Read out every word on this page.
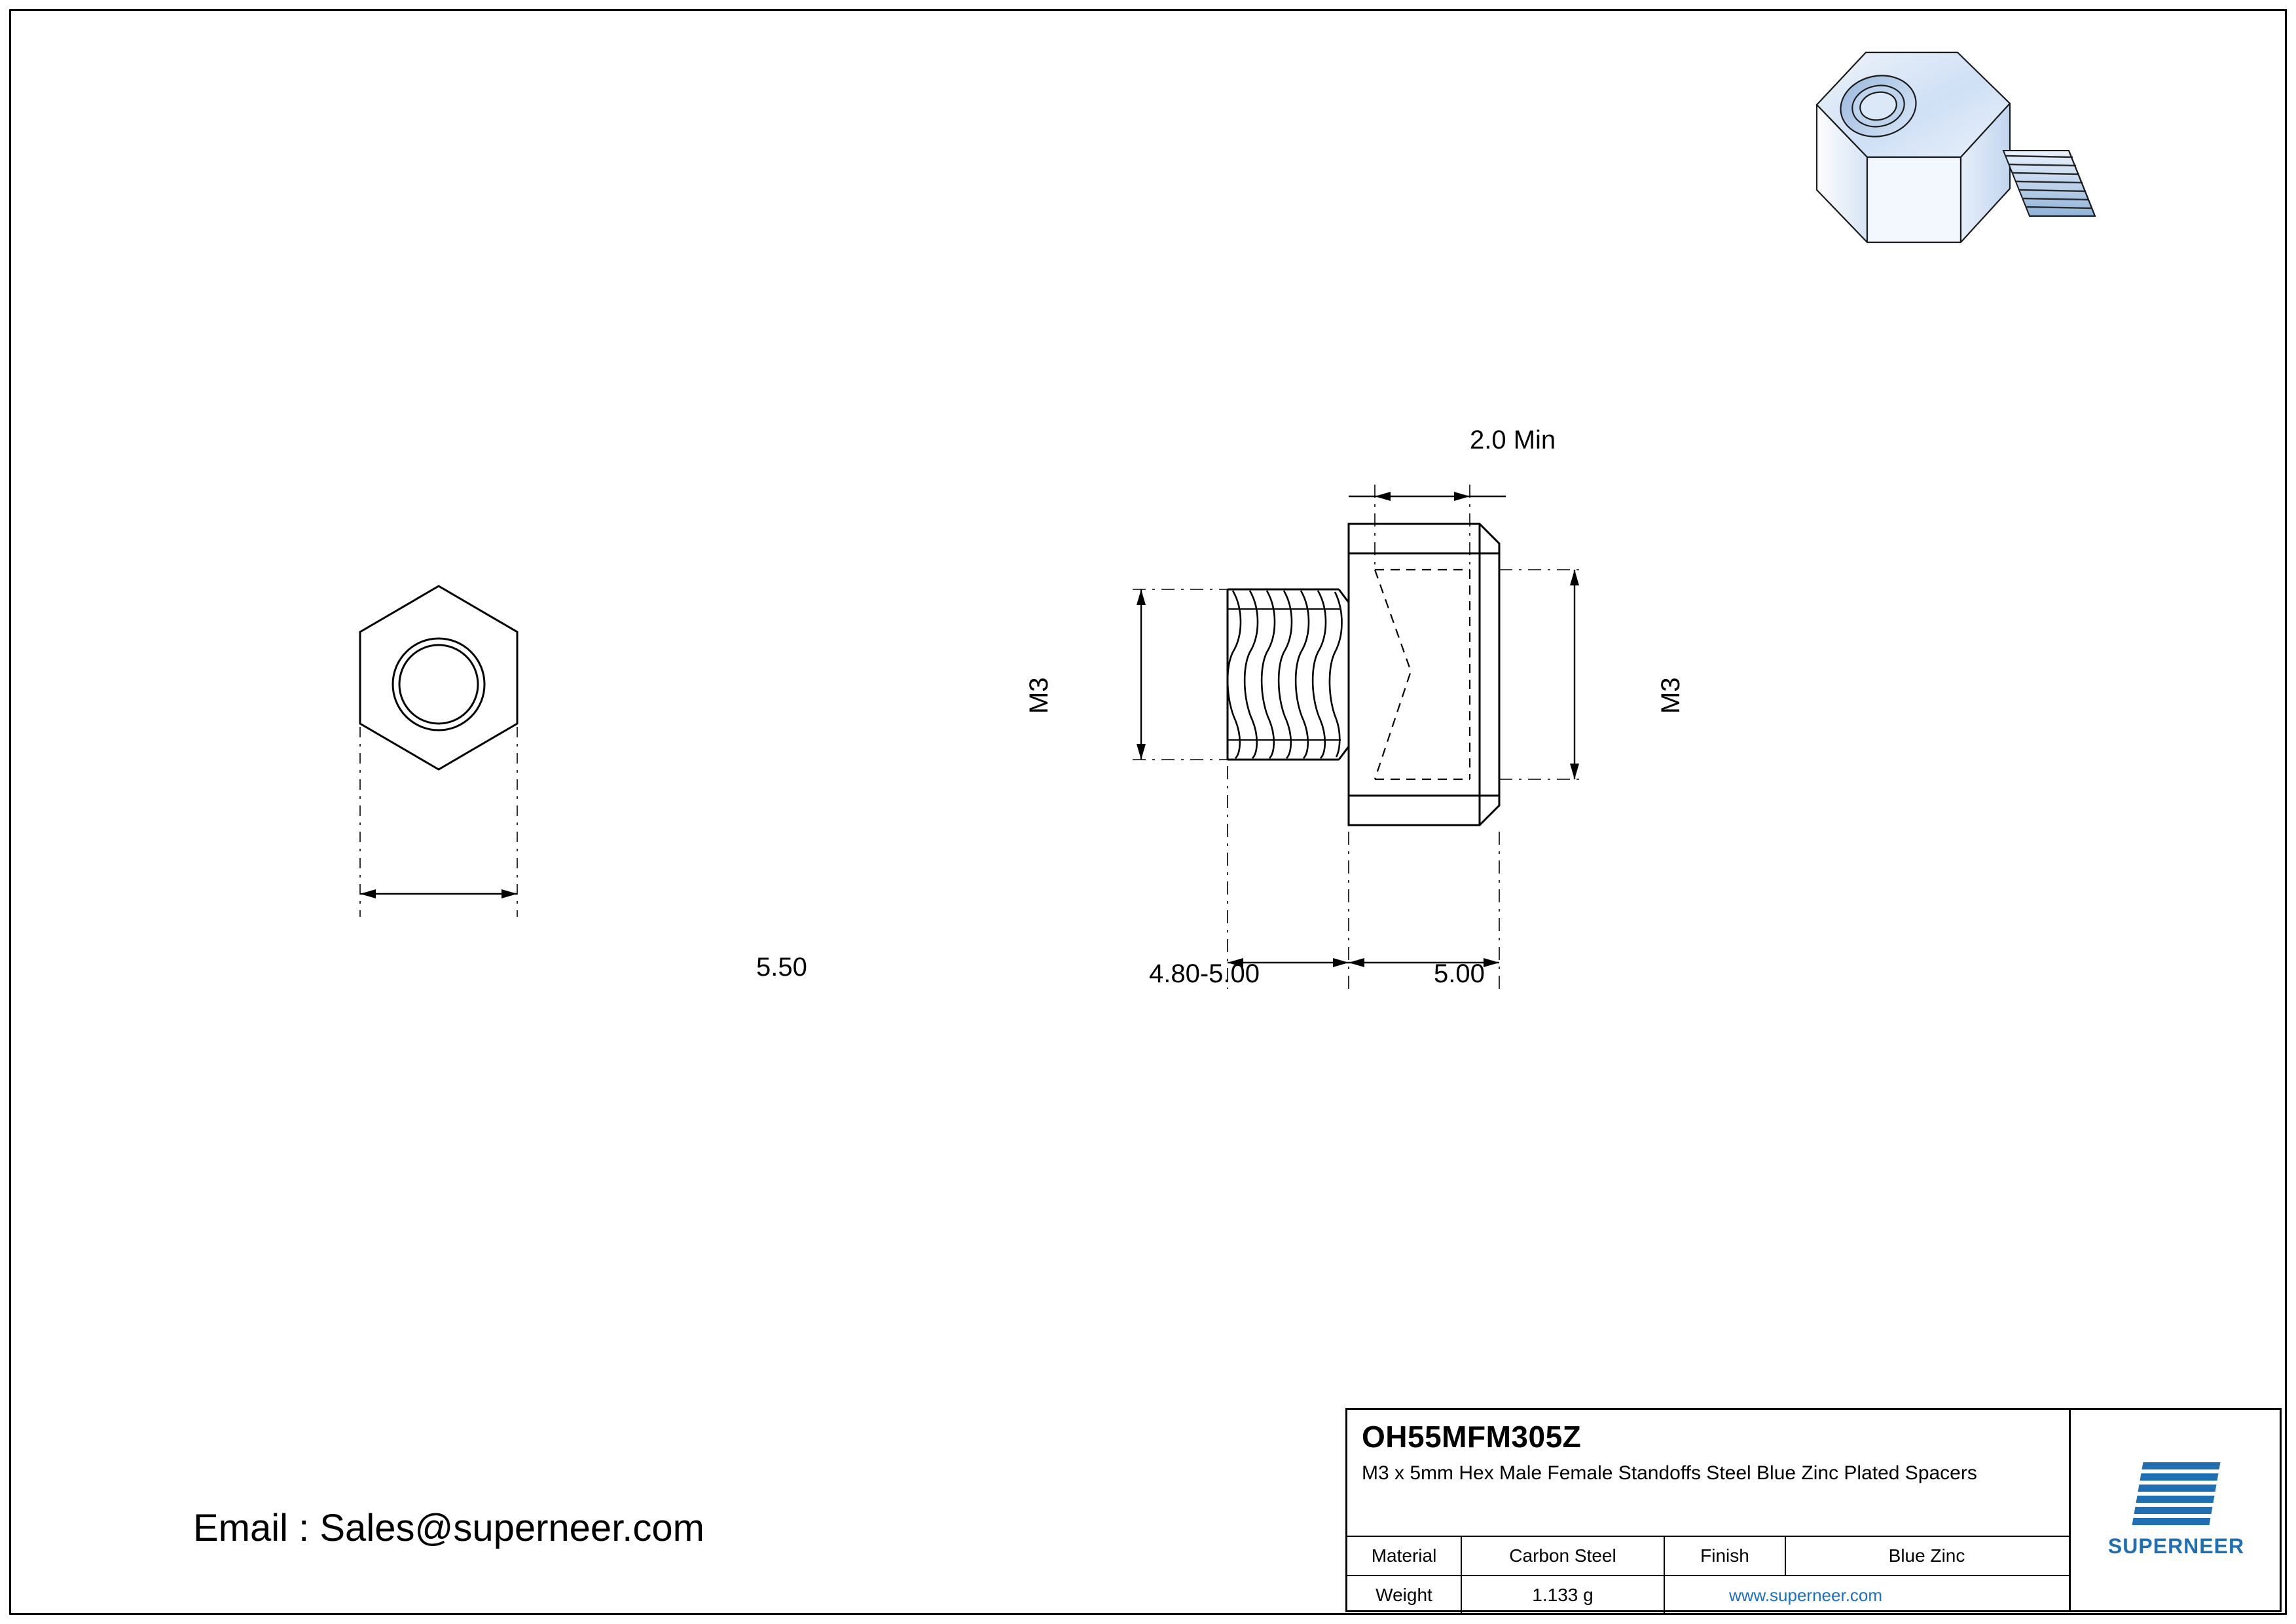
5.50
2.0 Min
M3	M3
4.80-5.00	5.00
Email : Sales@superneer.com
OH55MFM305Z
M3 x 5mm Hex Male Female Standoffs Steel Blue Zinc Plated Spacers
Material	Carbon Steel	Finish	Blue Zinc
Weight	1.133 g	www.superneer.com
SUPERNEER
